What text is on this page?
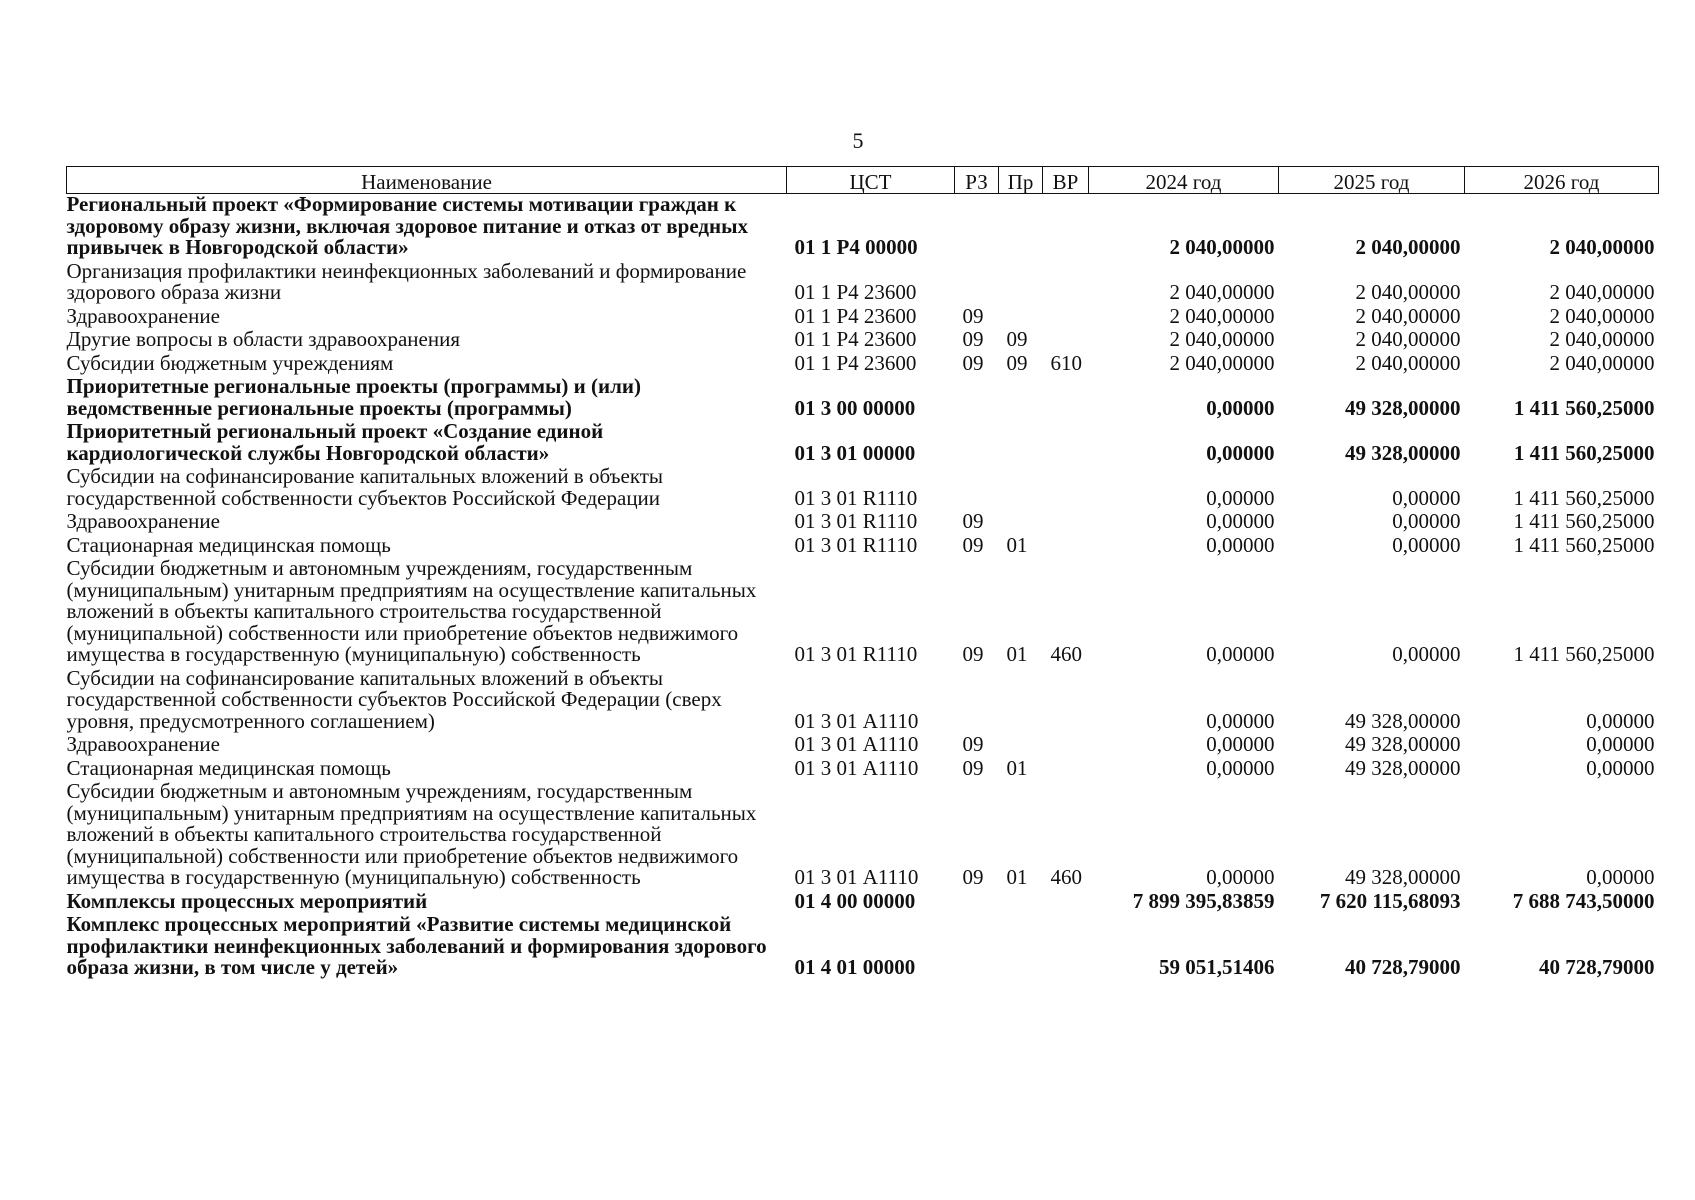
5
Наименование	ЦСТ	РЗ	Пр	ВР	2024 год	2025 год	2026 год
Региональный проект «Формирование системы мотивации граждан к здоровому образу жизни, включая здоровое питание и отказ от вредных привычек в Новгородской области»	01 1 Р4 00000				2 040,00000	2 040,00000	2 040,00000
Организация профилактики неинфекционных заболеваний и формирование здорового образа жизни	01 1 Р4 23600				2 040,00000	2 040,00000	2 040,00000
Здравоохранение	01 1 Р4 23600	09			2 040,00000	2 040,00000	2 040,00000
Другие вопросы в области здравоохранения	01 1 Р4 23600	09	09		2 040,00000	2 040,00000	2 040,00000
Субсидии бюджетным учреждениям	01 1 Р4 23600	09	09	610	2 040,00000	2 040,00000	2 040,00000
Приоритетные региональные проекты (программы) и (или) ведомственные региональные проекты (программы)	01 3 00 00000				0,00000	49 328,00000	1 411 560,25000
Приоритетный региональный проект «Создание единой кардиологической службы Новгородской области»	01 3 01 00000				0,00000	49 328,00000	1 411 560,25000
Субсидии на софинансирование капитальных вложений в объекты государственной собственности субъектов Российской Федерации	01 3 01 R1110				0,00000	0,00000	1 411 560,25000
Здравоохранение	01 3 01 R1110	09			0,00000	0,00000	1 411 560,25000
Стационарная медицинская помощь	01 3 01 R1110	09	01		0,00000	0,00000	1 411 560,25000
Субсидии бюджетным и автономным учреждениям, государственным (муниципальным) унитарным предприятиям на осуществление капитальных вложений в объекты капитального строительства государственной (муниципальной) собственности или приобретение объектов недвижимого имущества в государственную (муниципальную) собственность	01 3 01 R1110	09	01	460	0,00000	0,00000	1 411 560,25000
Субсидии на софинансирование капитальных вложений в объекты государственной собственности субъектов Российской Федерации (сверх уровня, предусмотренного соглашением)	01 3 01 А1110				0,00000	49 328,00000	0,00000
Здравоохранение	01 3 01 А1110	09			0,00000	49 328,00000	0,00000
Стационарная медицинская помощь	01 3 01 А1110	09	01		0,00000	49 328,00000	0,00000
Субсидии бюджетным и автономным учреждениям, государственным (муниципальным) унитарным предприятиям на осуществление капитальных вложений в объекты капитального строительства государственной (муниципальной) собственности или приобретение объектов недвижимого имущества в государственную (муниципальную) собственность	01 3 01 А1110	09	01	460	0,00000	49 328,00000	0,00000
Комплексы процессных мероприятий	01 4 00 00000				7 899 395,83859	7 620 115,68093	7 688 743,50000
Комплекс процессных мероприятий «Развитие системы медицинской профилактики неинфекционных заболеваний и формирования здорового образа жизни, в том числе у детей»	01 4 01 00000				59 051,51406	40 728,79000	40 728,79000
